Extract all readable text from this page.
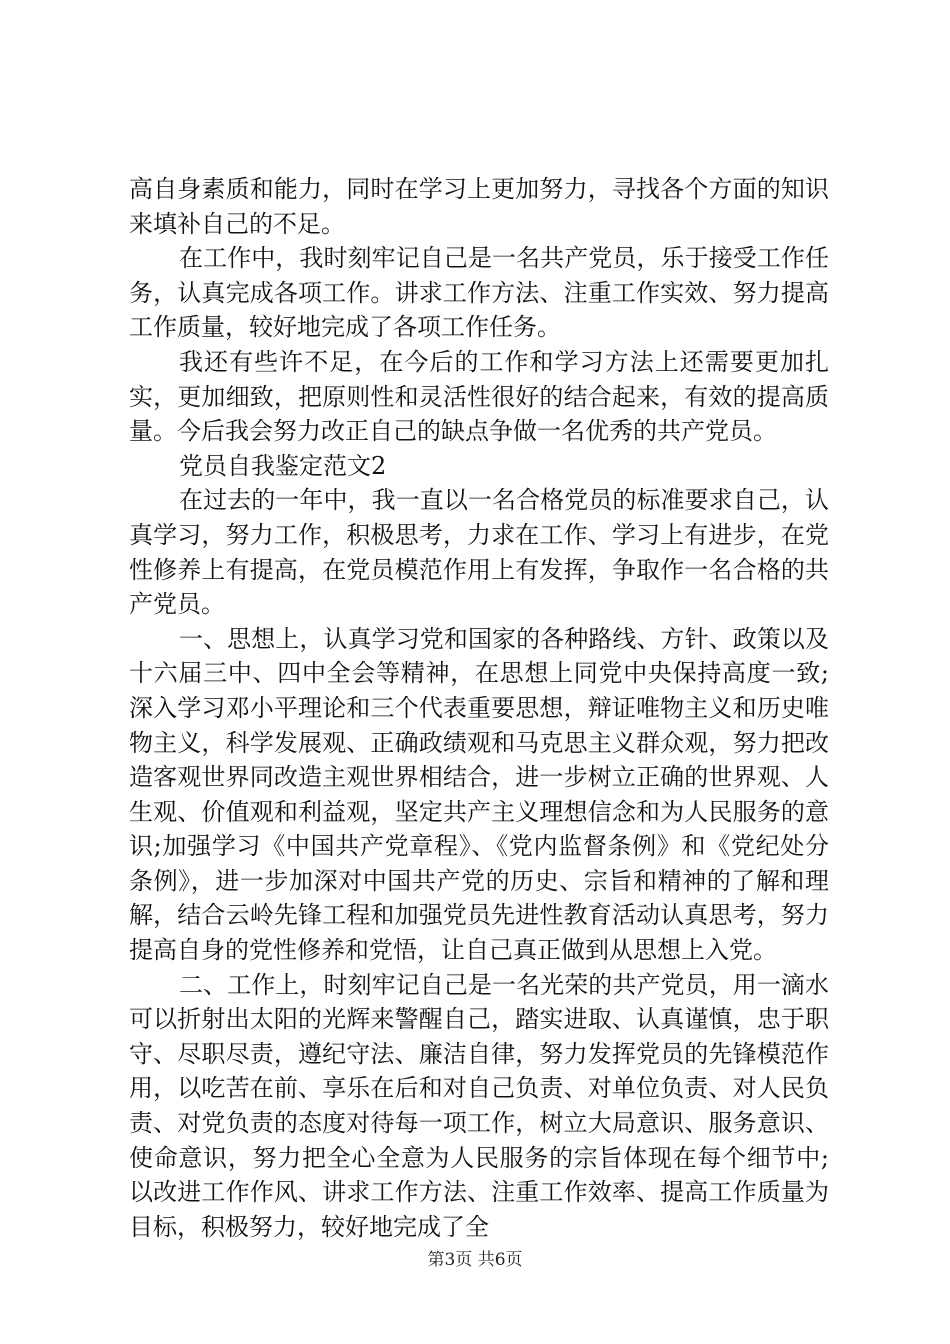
高自身素质和能力，同时在学习上更加努力，寻找各个方面的知识来填补自己的不足。

在工作中，我时刻牢记自己是一名共产党员，乐于接受工作任务，认真完成各项工作。讲求工作方法、注重工作实效、努力提高工作质量，较好地完成了各项工作任务。

我还有些许不足，在今后的工作和学习方法上还需要更加扎实，更加细致，把原则性和灵活性很好的结合起来，有效的提高质量。今后我会努力改正自己的缺点争做一名优秀的共产党员。

党员自我鉴定范文2

在过去的一年中，我一直以一名合格党员的标准要求自己，认真学习，努力工作，积极思考，力求在工作、学习上有进步，在党性修养上有提高，在党员模范作用上有发挥，争取作一名合格的共产党员。

一、思想上，认真学习党和国家的各种路线、方针、政策以及十六届三中、四中全会等精神，在思想上同党中央保持高度一致;深入学习邓小平理论和三个代表重要思想，辩证唯物主义和历史唯物主义，科学发展观、正确政绩观和马克思主义群众观，努力把改造客观世界同改造主观世界相结合，进一步树立正确的世界观、人生观、价值观和利益观，坚定共产主义理想信念和为人民服务的意识;加强学习《中国共产党章程》、《党内监督条例》和《党纪处分条例》，进一步加深对中国共产党的历史、宗旨和精神的了解和理解，结合云岭先锋工程和加强党员先进性教育活动认真思考，努力提高自身的党性修养和党悟，让自己真正做到从思想上入党。

二、工作上，时刻牢记自己是一名光荣的共产党员，用一滴水可以折射出太阳的光辉来警醒自己，踏实进取、认真谨慎，忠于职守、尽职尽责，遵纪守法、廉洁自律，努力发挥党员的先锋模范作用，以吃苦在前、享乐在后和对自己负责、对单位负责、对人民负责、对党负责的态度对待每一项工作，树立大局意识、服务意识、使命意识，努力把全心全意为人民服务的宗旨体现在每个细节中;以改进工作作风、讲求工作方法、注重工作效率、提高工作质量为目标，积极努力，较好地完成了全

第3页 共6页
